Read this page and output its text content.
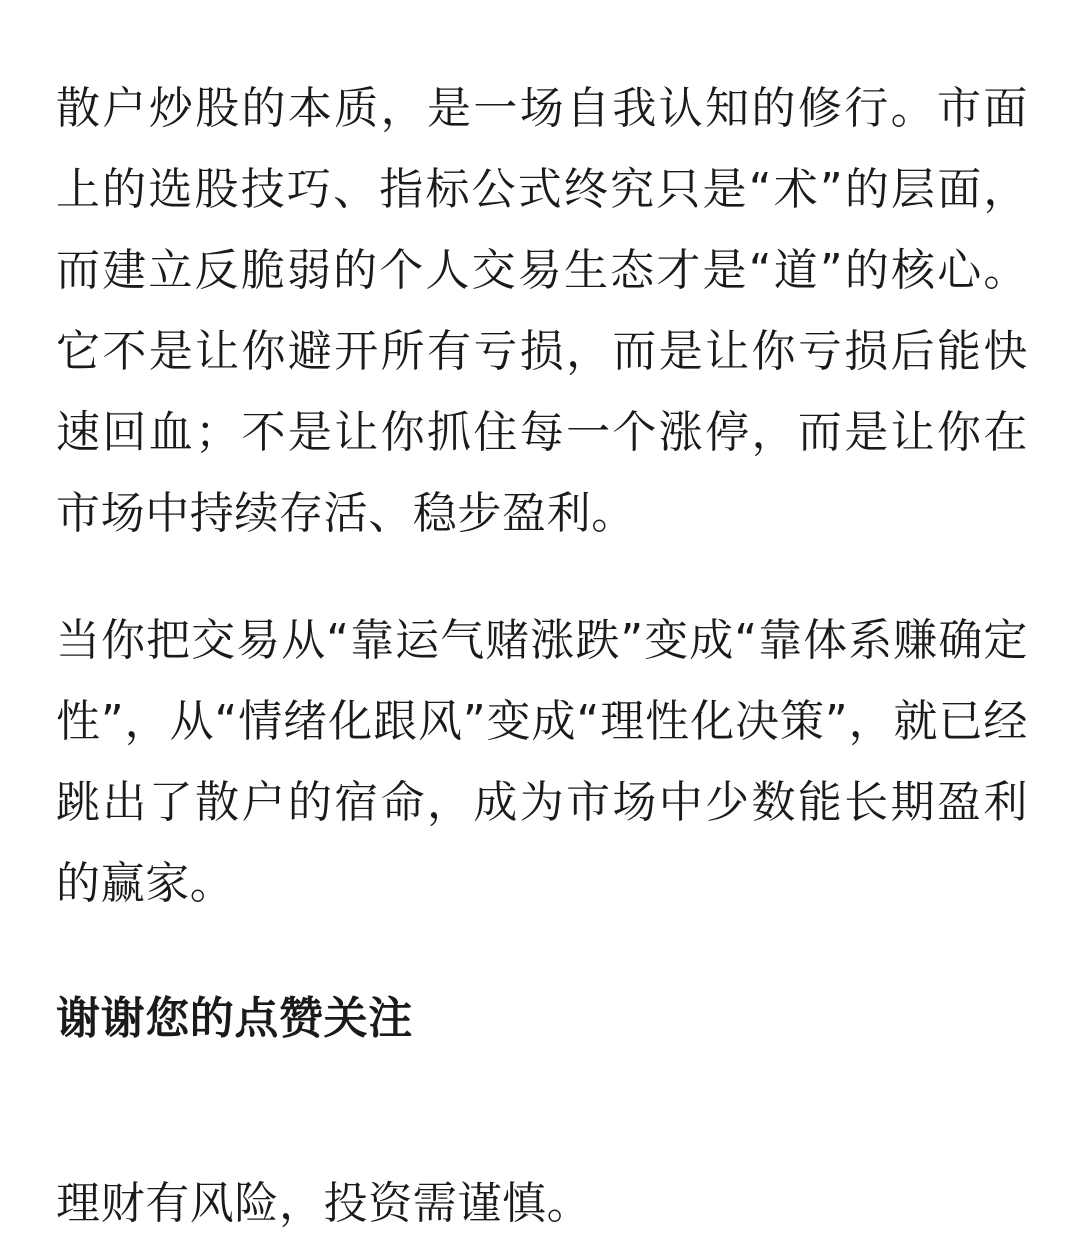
散户炒股的本质，是一场自我认知的修行。市面上的选股技巧、指标公式终究只是“术”的层面，而建立反脆弱的个人交易生态才是“道”的核心。它不是让你避开所有亏损，而是让你亏损后能快速回血；不是让你抓住每一个涨停，而是让你在市场中持续存活、稳步盈利。

当你把交易从“靠运气赌涨跌”变成“靠体系赚确定性”，从“情绪化跟风”变成“理性化决策”，就已经跳出了散户的宿命，成为市场中少数能长期盈利的赢家。

谢谢您的点赞关注

理财有风险，投资需谨慎。
